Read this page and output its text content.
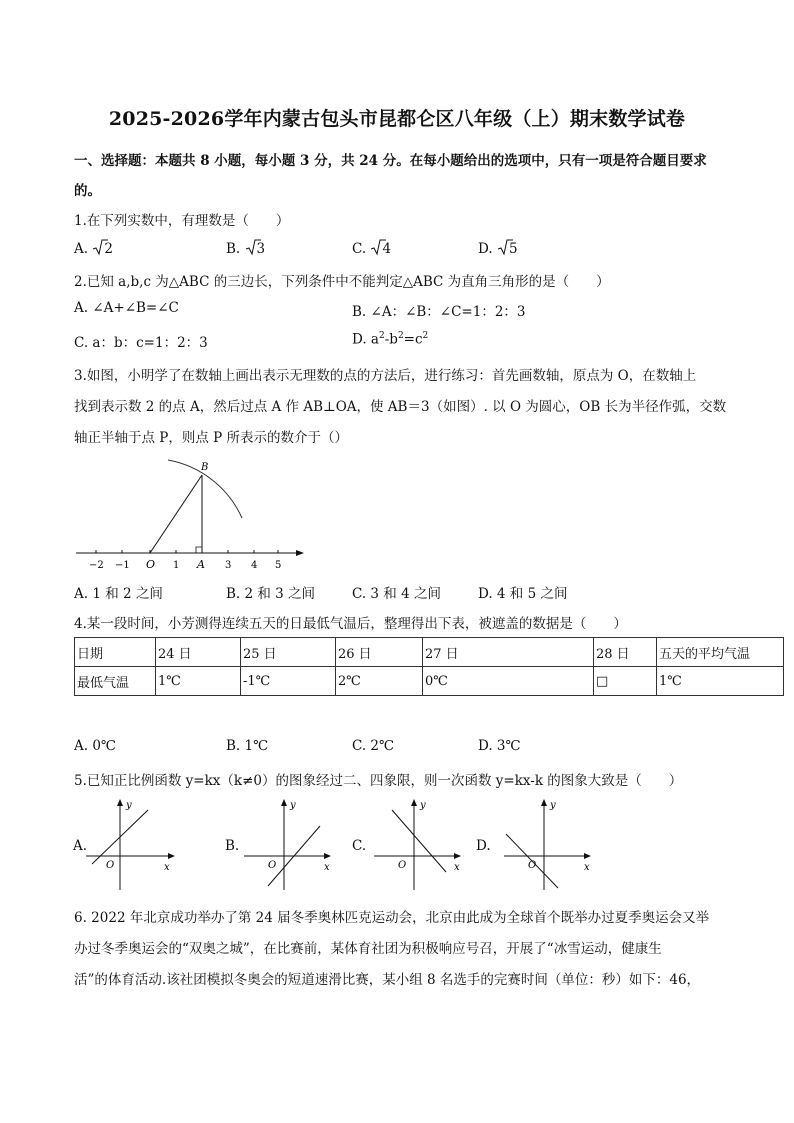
2025-2026学年内蒙古包头市昆都仑区八年级（上）期末数学试卷
一、选择题：本题共 8 小题，每小题 3 分，共 24 分。在每小题给出的选项中，只有一项是符合题目要求
的。
1.在下列实数中，有理数是（　　）
A. 2	B. 3	C. 4	D. 5
2.已知 a,b,c 为△ABC 的三边长，下列条件中不能判定△ABC 为直角三角形的是（　　）
A. ∠A+∠B=∠C	B. ∠A：∠B：∠C=1：2：3
C. a：b：c=1：2：3	D. $a^2-b^2=c^2$
3.如图，小明学了在数轴上画出表示无理数的点的方法后，进行练习：首先画数轴，原点为 O，在数轴上
找到表示数 2 的点 A，然后过点 A 作 AB⊥OA，使 AB＝3（如图）. 以 O 为圆心，OB 长为半径作弧，交数
轴正半轴于点 P，则点 P 所表示的数介于（）
B
O	A
−2 −1	1	3 4 5
A. 1 和 2 之间	B. 2 和 3 之间	C. 3 和 4 之间	D. 4 和 5 之间
4.某一段时间，小芳测得连续五天的日最低气温后，整理得出下表，被遮盖的数据是（　　）
日期	24 日	25 日	26 日	27 日	28 日	五天的平均气温
最低气温	1℃	-1℃	2℃	0℃	□	1℃
A. 0℃	B. 1℃	C. 2℃	D. 3℃
5.已知正比例函数 y=kx（k≠0）的图象经过二、四象限，则一次函数 y=kx-k 的图象大致是（　　）
A.
y
x
O
B.
y
x
O
C.
y
x
O
D.
y
x
O
6. 2022 年北京成功举办了第 24 届冬季奥林匹克运动会，北京由此成为全球首个既举办过夏季奥运会又举
办过冬季奥运会的“双奥之城”，在比赛前，某体育社团为积极响应号召，开展了“冰雪运动，健康生
活”的体育活动.该社团模拟冬奥会的短道速滑比赛，某小组 8 名选手的完赛时间（单位：秒）如下：46，
